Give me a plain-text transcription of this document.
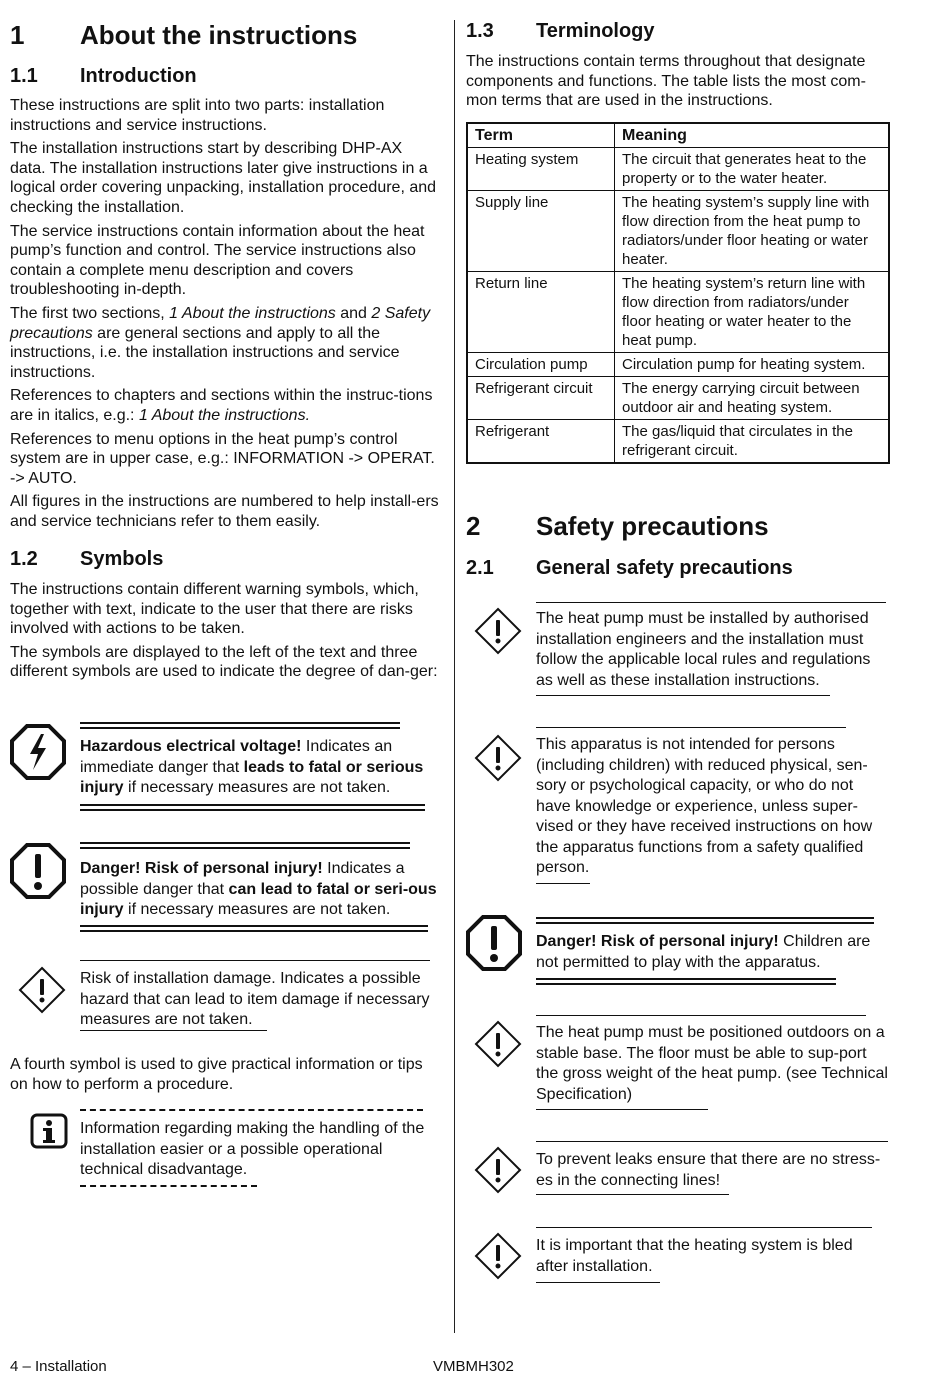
1	About the instructions
1.1	Introduction

These instructions are split into two parts: installation instructions and service instructions.

The installation instructions start by describing DHP-AX data. The installation instructions later give instructions in a logical order covering unpacking, installation procedure, and checking the installation.

The service instructions contain information about the heat pump’s function and control. The service instructions also contain a complete menu description and covers troubleshooting in-depth.

The first two sections, 1 About the instructions and 2 Safety precautions are general sections and apply to all the instructions, i.e. the installation instructions and service instructions.

References to chapters and sections within the instruc-tions are in italics, e.g.: 1 About the instructions.

References to menu options in the heat pump’s control system are in upper case, e.g.: INFORMATION -> OPERAT. -> AUTO.

All figures in the instructions are numbered to help install-ers and service technicians refer to them easily.

1.2	Symbols

The instructions contain different warning symbols, which, together with text, indicate to the user that there are risks involved with actions to be taken.

The symbols are displayed to the left of the text and three different symbols are used to indicate the degree of dan-ger:

Hazardous electrical voltage! Indicates an immediate danger that leads to fatal or serious injury if necessary measures are not taken.
Danger! Risk of personal injury! Indicates a possible danger that can lead to fatal or seri-ous injury if necessary measures are not taken.
Risk of installation damage. Indicates a possible hazard that can lead to item damage if necessary measures are not taken.

A fourth symbol is used to give practical information or tips on how to perform a procedure.

Information regarding making the handling of the installation easier or a possible operational technical disadvantage.
1.3	Terminology

The instructions contain terms throughout that designate components and functions. The table lists the most com-mon terms that are used in the instructions.

Term	Meaning
Heating system	The circuit that generates heat to the property or to the water heater.
Supply line	The heating system’s supply line with flow direction from the heat pump to radiators/under floor heating or water heater.
Return line	The heating system’s return line with flow direction from radiators/under floor heating or water heater to the heat pump.
Circulation pump	Circulation pump for heating system.
Refrigerant circuit	The energy carrying circuit between outdoor air and heating system.
Refrigerant	The gas/liquid that circulates in the refrigerant circuit.
2	Safety precautions
2.1	General safety precautions
The heat pump must be installed by authorised installation engineers and the installation must follow the applicable local rules and regulations as well as these installation instructions.
This apparatus is not intended for persons (including children) with reduced physical, sen-sory or psychological capacity, or who do not have knowledge or experience, unless super-vised or they have received instructions on how the apparatus functions from a safety qualified person.
Danger! Risk of personal injury! Children are not permitted to play with the apparatus.
The heat pump must be positioned outdoors on a stable base. The floor must be able to sup-port the gross weight of the heat pump. (see Technical Specification)
To prevent leaks ensure that there are no stress-es in the connecting lines!
It is important that the heating system is bled after installation.
4 – Installation	VMBMH302
